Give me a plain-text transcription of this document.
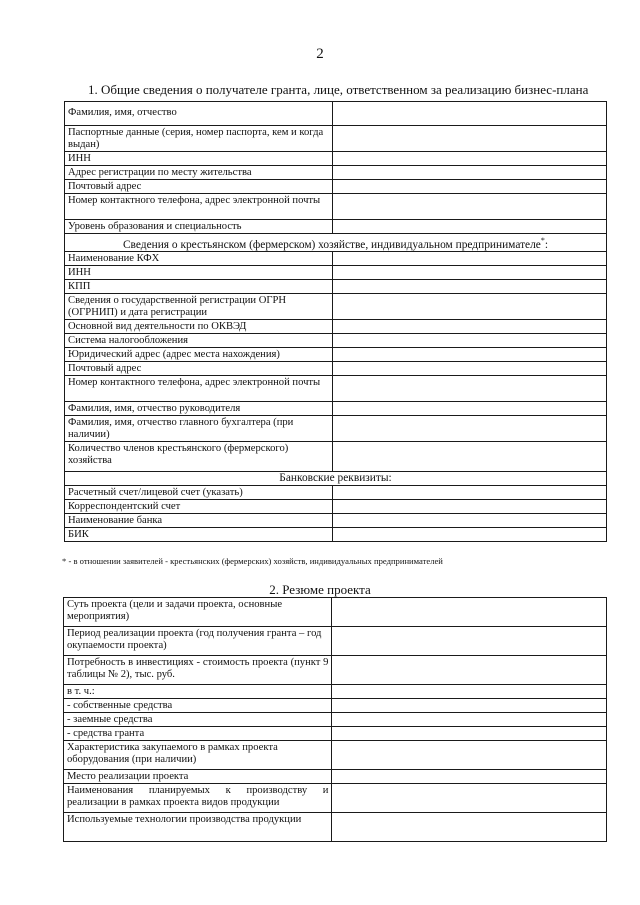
2
1. Общие сведения о получателе гранта, лице, ответственном за реализацию бизнес-плана
Фамилия, имя, отчество	
Паспортные данные (серия, номер паспорта, кем и когда выдан)	
ИНН	
Адрес регистрации по месту жительства	
Почтовый адрес	
Номер контактного телефона, адрес электронной почты	
Уровень образования и специальность	
Сведения о крестьянском (фермерском) хозяйстве, индивидуальном предпринимателе*:	
Наименование КФХ	
ИНН	
КПП	
Сведения о государственной регистрации ОГРН (ОГРНИП) и дата регистрации	
Основной вид деятельности по ОКВЭД	
Система налогообложения	
Юридический адрес (адрес места нахождения)	
Почтовый адрес	
Номер контактного телефона, адрес электронной почты	
Фамилия, имя, отчество руководителя	
Фамилия, имя, отчество главного бухгалтера (при наличии)	
Количество членов крестьянского (фермерского) хозяйства	
Банковские реквизиты:	
Расчетный счет/лицевой счет (указать)	
Корреспондентский счет	
Наименование банка	
БИК	
* - в отношении заявителей - крестьянских (фермерских) хозяйств, индивидуальных предпринимателей
2. Резюме проекта
Суть проекта (цели и задачи проекта, основные мероприятия)	
Период реализации проекта (год получения гранта – год окупаемости проекта)	
Потребность в инвестициях - стоимость проекта (пункт 9 таблицы № 2), тыс. руб.	
в т. ч.:	
- собственные средства	
- заемные средства	
- средства гранта	
Характеристика закупаемого в рамках проекта оборудования (при наличии)	
Место реализации проекта	
Наименования планируемых к производству и реализации в рамках проекта видов продукции	
Используемые технологии производства продукции	
